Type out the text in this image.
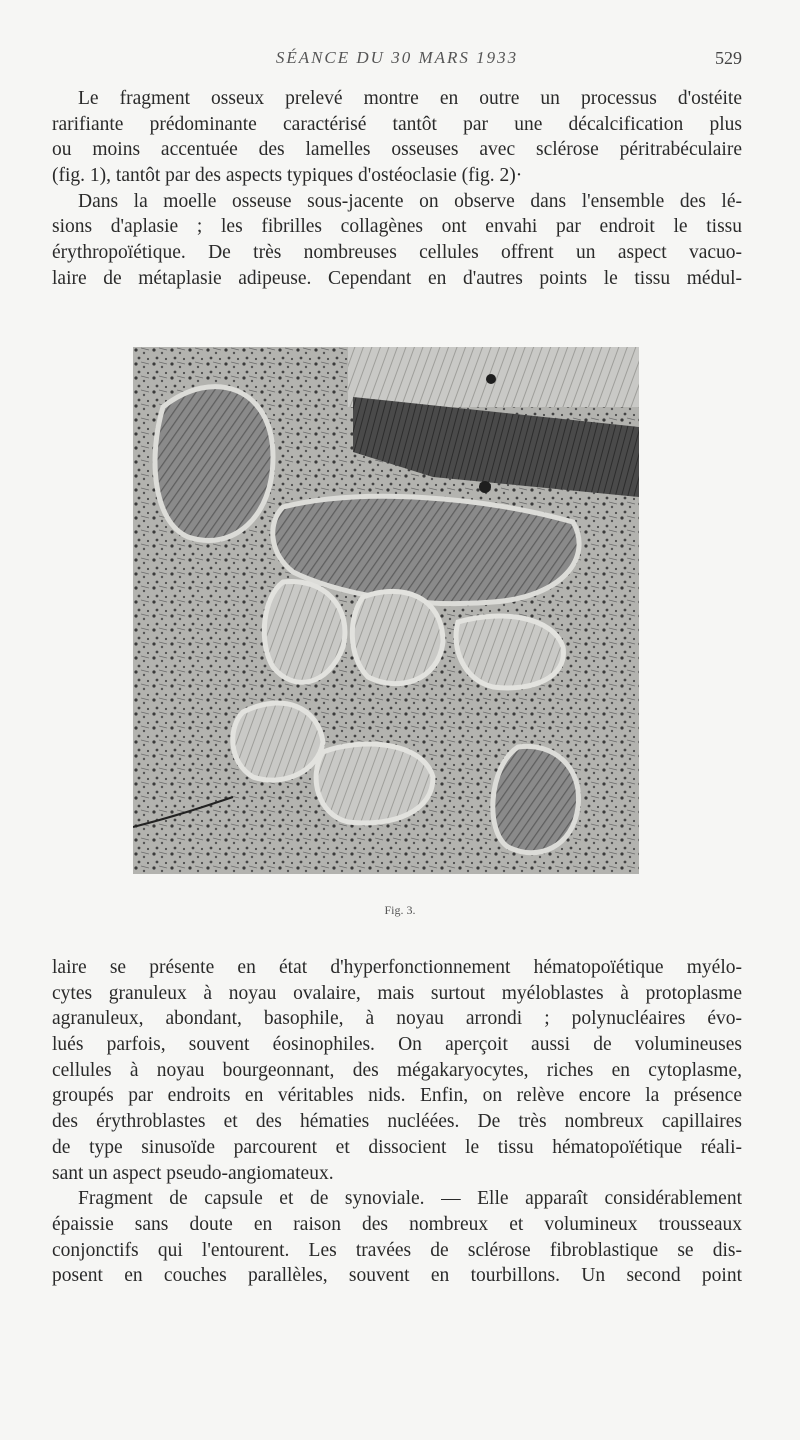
SÉANCE DU 30 MARS 1933	529
Le fragment osseux prelevé montre en outre un processus d'ostéite
rarifiante prédominante caractérisé tantôt par une décalcification plus
ou moins accentuée des lamelles osseuses avec sclérose péritrabéculaire
(fig. 1), tantôt par des aspects typiques d'ostéoclasie (fig. 2)·
Dans la moelle osseuse sous-jacente on observe dans l'ensemble des lé-
sions d'aplasie ; les fibrilles collagènes ont envahi par endroit le tissu
érythropoïétique. De très nombreuses cellules offrent un aspect vacuo-
laire de métaplasie adipeuse. Cependant en d'autres points le tissu médul-
Fig. 3.
laire se présente en état d'hyperfonctionnement hématopoïétique myélo-
cytes granuleux à noyau ovalaire, mais surtout myéloblastes à protoplasme
agranuleux, abondant, basophile, à noyau arrondi ; polynucléaires évo-
lués parfois, souvent éosinophiles. On aperçoit aussi de volumineuses
cellules à noyau bourgeonnant, des mégakaryocytes, riches en cytoplasme,
groupés par endroits en véritables nids. Enfin, on relève encore la présence
des érythroblastes et des hématies nucléées. De très nombreux capillaires
de type sinusoïde parcourent et dissocient le tissu hématopoïétique réali-
sant un aspect pseudo-angiomateux.
Fragment de capsule et de synoviale. — Elle apparaît considérablement
épaissie sans doute en raison des nombreux et volumineux trousseaux
conjonctifs qui l'entourent. Les travées de sclérose fibroblastique se dis-
posent en couches parallèles, souvent en tourbillons. Un second point
